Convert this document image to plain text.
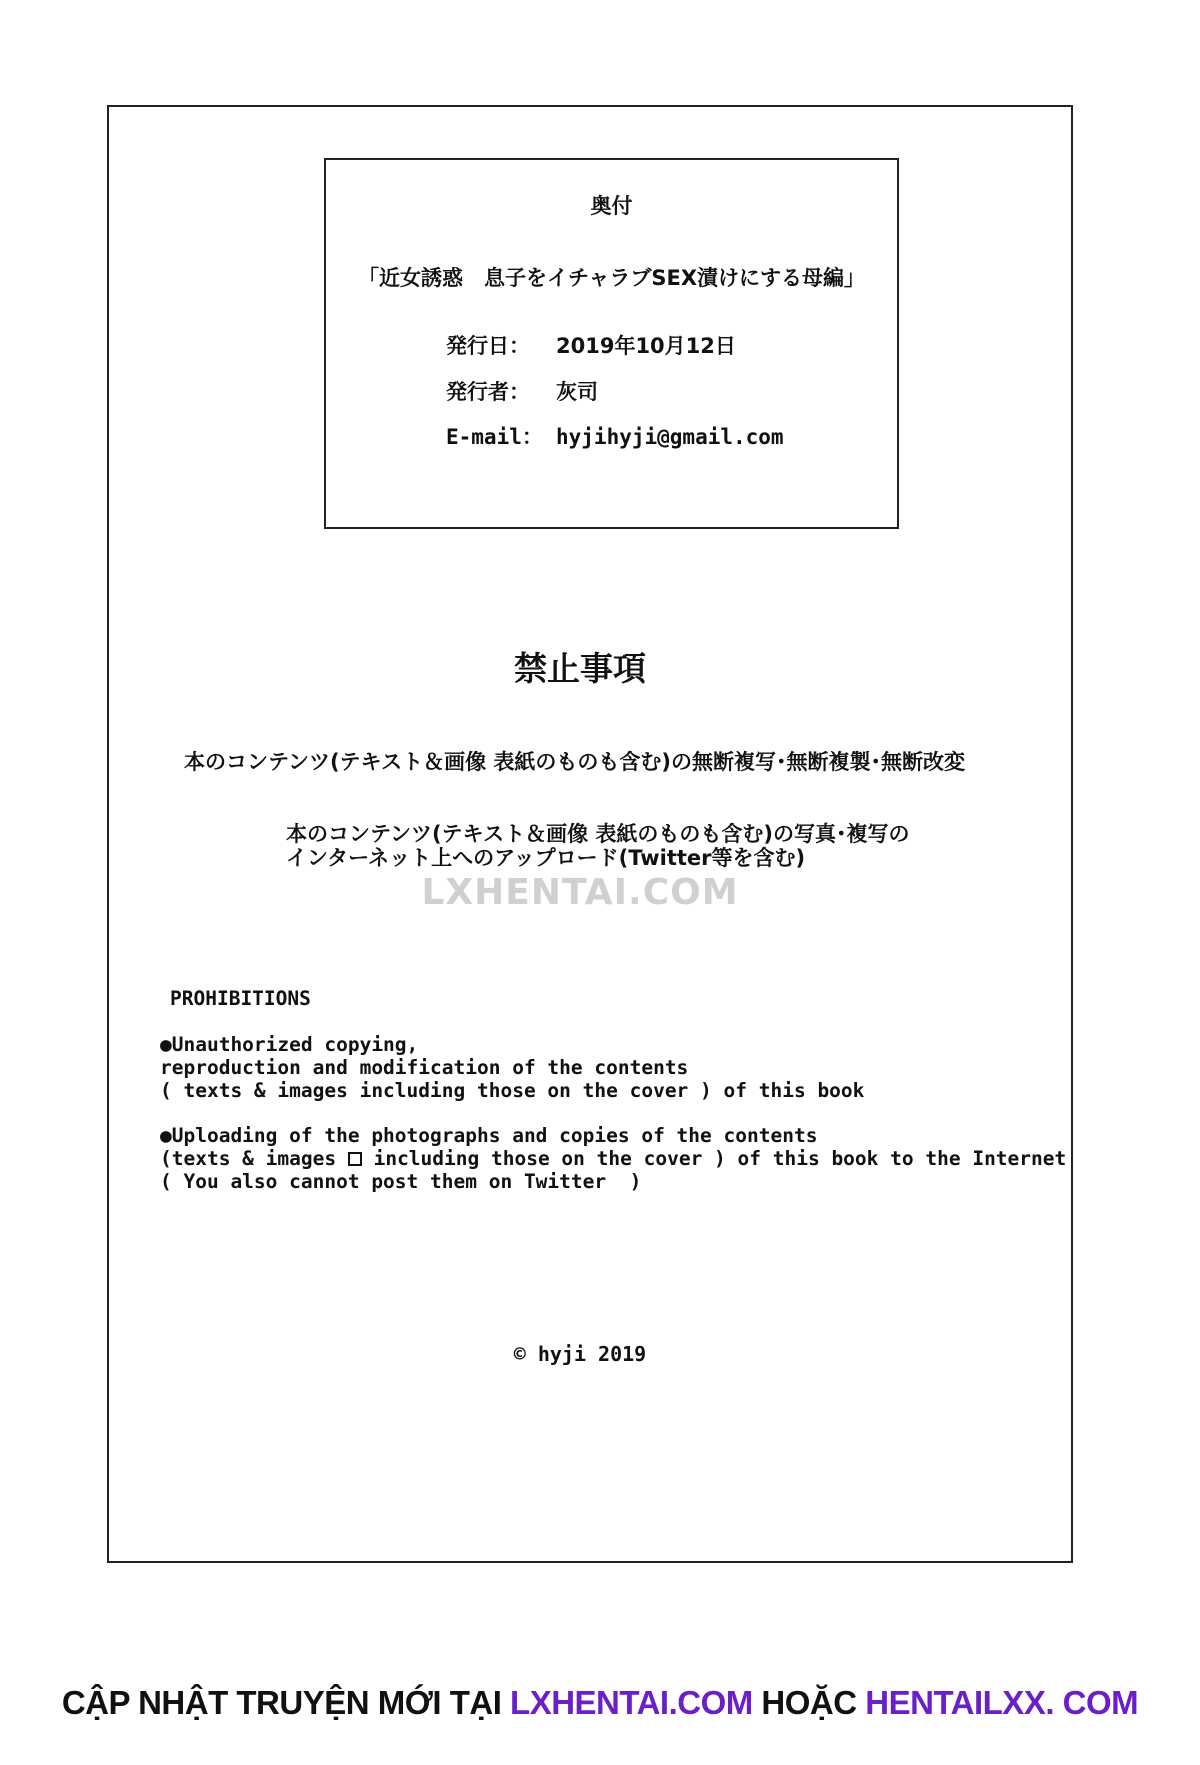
奥付
「近女誘惑　息子をイチャラブSEX漬けにする母編」
発行日： 2019年10月12日
発行者： 灰司
E-mail： hyjihyji@gmail.com
禁止事項
本のコンテンツ(テキスト＆画像 表紙のものも含む)の無断複写･無断複製･無断改変
本のコンテンツ(テキスト＆画像 表紙のものも含む)の写真･複写の
インターネット上へのアップロード(Twitter等を含む)
LXHENTAI.COM
PROHIBITIONS
●Unauthorized copying,
reproduction and modification of the contents
( texts & images including those on the cover ) of this book
●Uploading of the photographs and copies of the contents
(texts & images  including those on the cover ) of this book to the Internet
( You also cannot post them on Twitter  )
© hyji 2019
CẬP NHẬT TRUYỆN MỚI TẠI LXHENTAI.COM HOẶC HENTAILXX. COM
